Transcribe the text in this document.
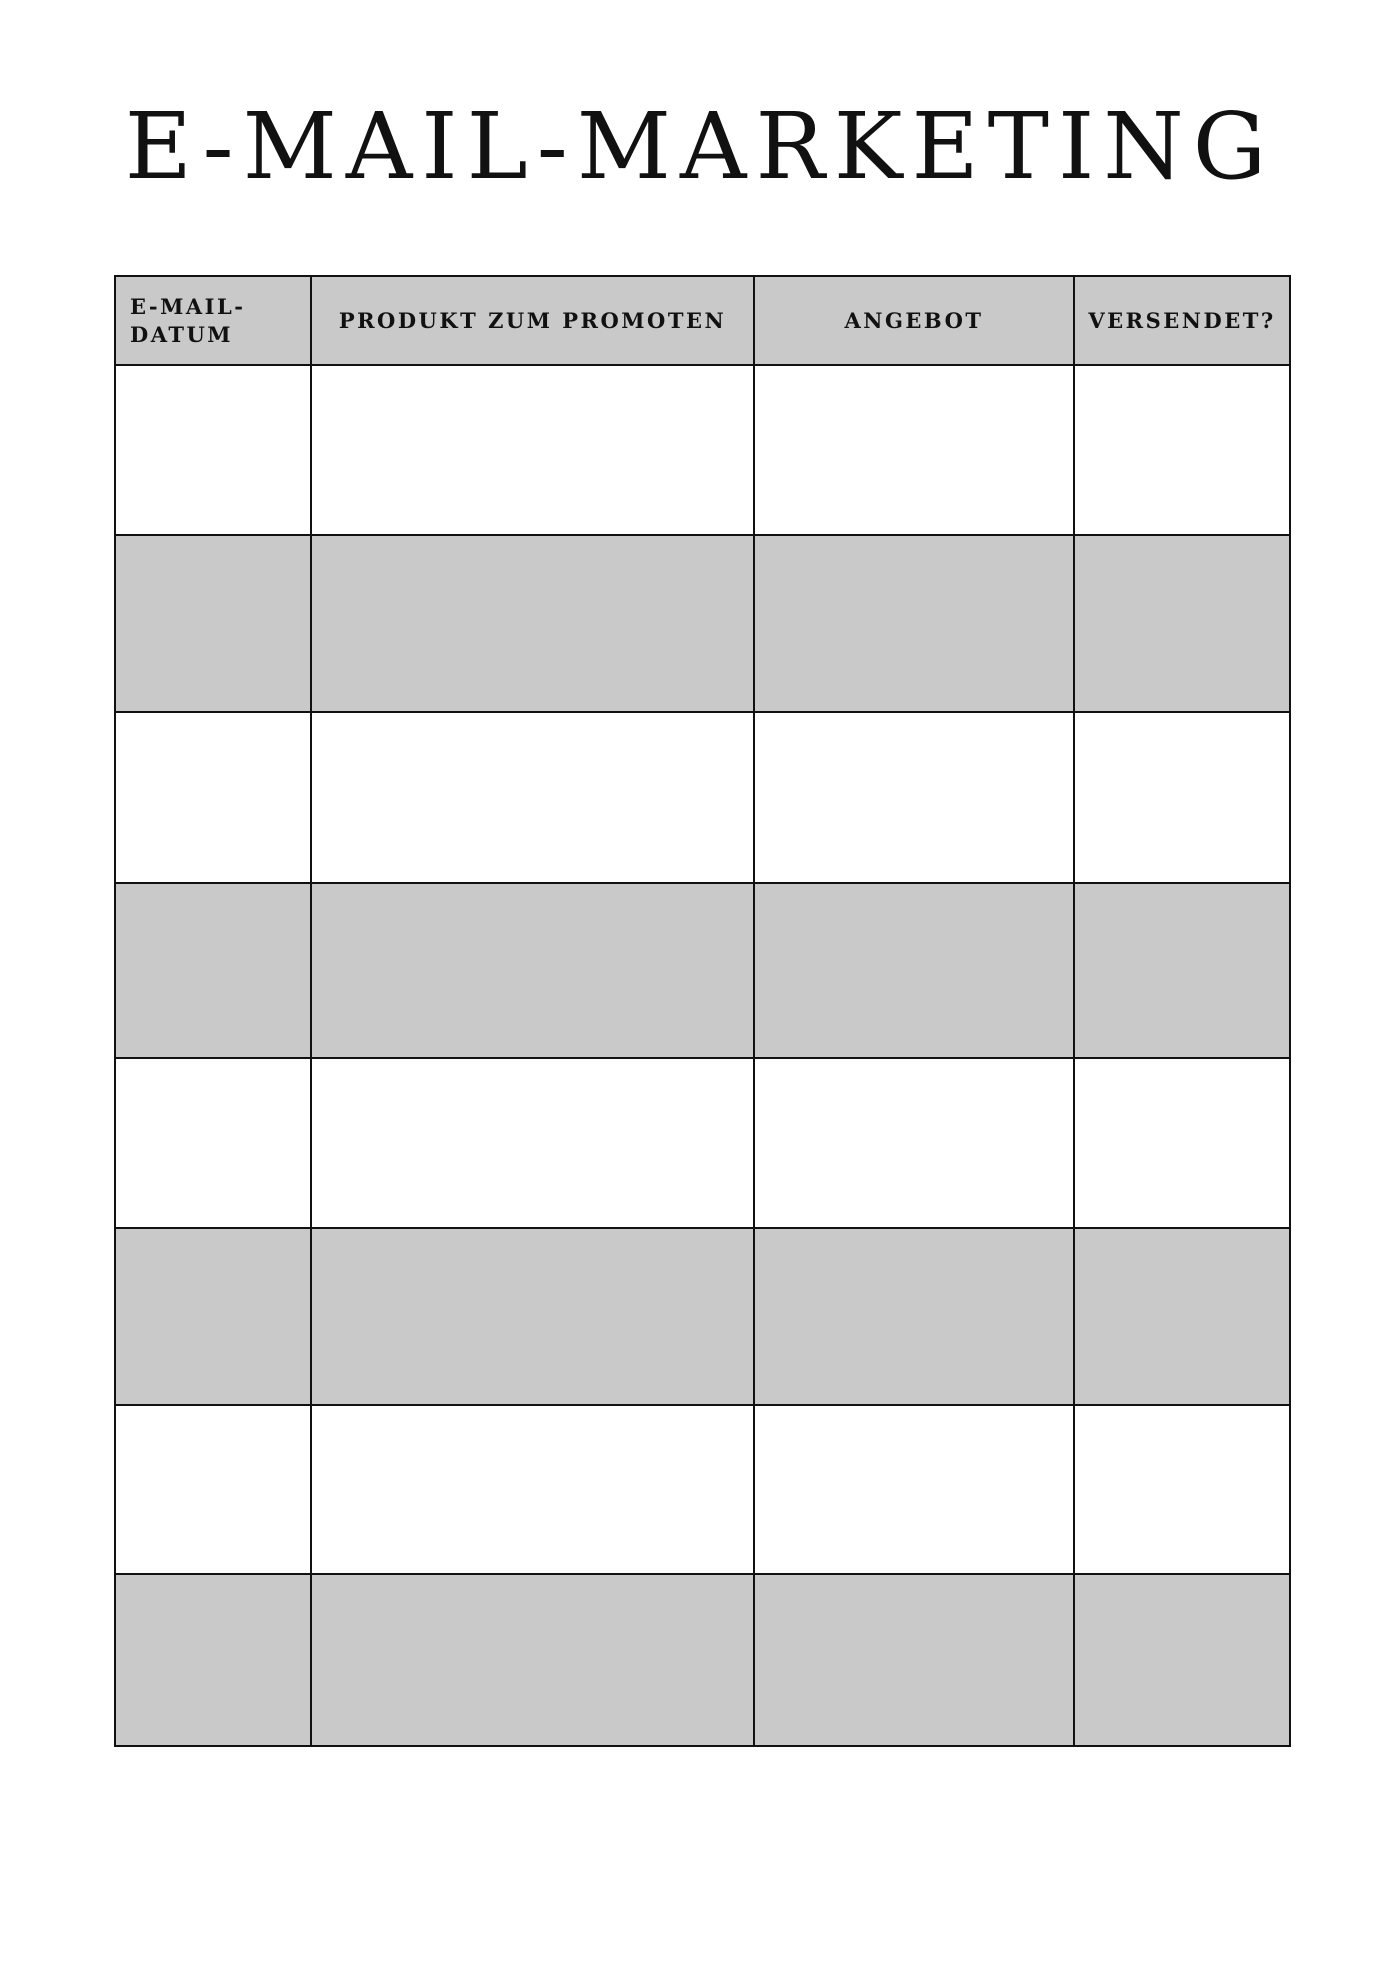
E-MAIL-MARKETING
E-MAIL-
DATUM	PRODUKT ZUM PROMOTEN	ANGEBOT	VERSENDET?
